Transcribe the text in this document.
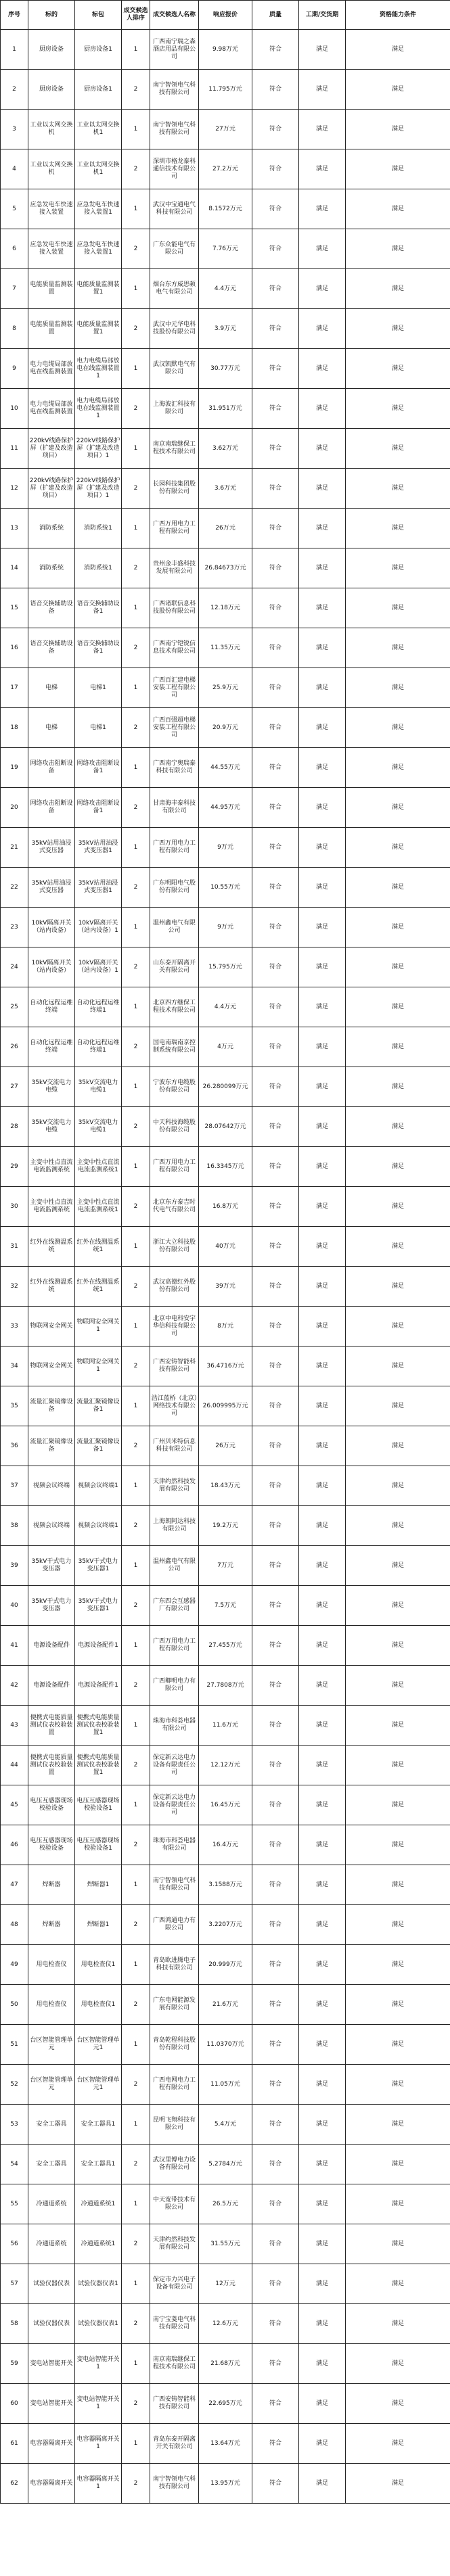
序号	标的	标包	成交候选人排序	成交候选人名称	响应报价	质量	工期/交货期	资格能力条件
1	厨房设备	厨房设备1	1	广西南宁瑞之森酒店用品有限公司	9.98万元	符合	满足	满足
2	厨房设备	厨房设备1	2	南宁智领电气科技有限公司	11.795万元	符合	满足	满足
3	工业以太网交换机	工业以太网交换机1	1	南宁智领电气科技有限公司	27万元	符合	满足	满足
4	工业以太网交换机	工业以太网交换机1	2	深圳市格龙泰科通信技术有限公司	27.2万元	符合	满足	满足
5	应急发电车快速接入装置	应急发电车快速接入装置1	1	武汉中宝通电气科技有限公司	8.1572万元	符合	满足	满足
6	应急发电车快速接入装置	应急发电车快速接入装置1	2	广东众能电气有限公司	7.76万元	符合	满足	满足
7	电能质量监测装置	电能质量监测装置1	1	烟台东方威思顿电气有限公司	4.4万元	符合	满足	满足
8	电能质量监测装置	电能质量监测装置1	2	武汉中元华电科技股份有限公司	3.9万元	符合	满足	满足
9	电力电缆局部放电在线监测装置	电力电缆局部放电在线监测装置1	1	武汉凯默电气有限公司	30.77万元	符合	满足	满足
10	电力电缆局部放电在线监测装置	电力电缆局部放电在线监测装置1	2	上海波汇科技有限公司	31.951万元	符合	满足	满足
11	220kV线路保护屏（扩建及改造项目）	220kV线路保护屏（扩建及改造项目）1	1	南京南瑞继保工程技术有限公司	3.62万元	符合	满足	满足
12	220kV线路保护屏（扩建及改造项目）	220kV线路保护屏（扩建及改造项目）1	2	长园科技集团股份有限公司	3.6万元	符合	满足	满足
13	消防系统	消防系统1	1	广西万用电力工程有限公司	26万元	符合	满足	满足
14	消防系统	消防系统1	2	贵州金丰盛科技发展有限公司	26.84673万元	符合	满足	满足
15	语音交换辅助设备	语音交换辅助设备1	1	广西诸联信息科技股份有限公司	12.18万元	符合	满足	满足
16	语音交换辅助设备	语音交换辅助设备1	2	广西南宁铠锐信息技术有限公司	11.35万元	符合	满足	满足
17	电梯	电梯1	1	广西百汇建电梯安装工程有限公司	25.9万元	符合	满足	满足
18	电梯	电梯1	2	广西百强超电梯安装工程有限公司	20.9万元	符合	满足	满足
19	网络攻击阻断设备	网络攻击阻断设备1	1	广西南宁奥瑞泰科技有限公司	44.55万元	符合	满足	满足
20	网络攻击阻断设备	网络攻击阻断设备1	2	甘肃海丰泰科技有限公司	44.95万元	符合	满足	满足
21	35kV站用油浸式变压器	35kV站用油浸式变压器1	1	广西万用电力工程有限公司	9万元	符合	满足	满足
22	35kV站用油浸式变压器	35kV站用油浸式变压器1	2	广东明阳电气股份有限公司	10.55万元	符合	满足	满足
23	10kV隔离开关（站内设备）	10kV隔离开关（站内设备）1	1	温州鑫电气有限公司	9万元	符合	满足	满足
24	10kV隔离开关（站内设备）	10kV隔离开关（站内设备）1	2	山东泰开隔离开关有限公司	15.795万元	符合	满足	满足
25	自动化远程运维终端	自动化远程运维终端1	1	北京四方继保工程技术有限公司	4.4万元	符合	满足	满足
26	自动化远程运维终端	自动化远程运维终端1	2	国电南瑞南京控制系统有限公司	4万元	符合	满足	满足
27	35kV交流电力电缆	35kV交流电力电缆1	1	宁波东方电缆股份有限公司	26.280099万元	符合	满足	满足
28	35kV交流电力电缆	35kV交流电力电缆1	2	中天科技海缆股份有限公司	28.07642万元	符合	满足	满足
29	主变中性点直流电流监测系统	主变中性点直流电流监测系统1	1	广西万用电力工程有限公司	16.3345万元	符合	满足	满足
30	主变中性点直流电流监测系统	主变中性点直流电流监测系统1	2	北京东方泰吉时代电气有限公司	16.8万元	符合	满足	满足
31	红外在线测温系统	红外在线测温系统1	1	浙江大立科技股份有限公司	40万元	符合	满足	满足
32	红外在线测温系统	红外在线测温系统1	2	武汉高德红外股份有限公司	39万元	符合	满足	满足
33	物联网安全网关	物联网安全网关1	1	北京中电科安宇华信科技有限公司	8万元	符合	满足	满足
34	物联网安全网关	物联网安全网关1	2	广西安铸智能科技有限公司	36.4716万元	符合	满足	满足
35	流量汇聚镜像设备	流量汇聚镜像设备1	1	浩江蓝桥（北京）网络技术有限公司	26.009995万元	符合	满足	满足
36	流量汇聚镜像设备	流量汇聚镜像设备1	2	广州贝米特信息科技有限公司	26万元	符合	满足	满足
37	视频会议终端	视频会议终端1	1	天津约然科技发展有限公司	18.43万元	符合	满足	满足
38	视频会议终端	视频会议终端1	2	上海朗阿达科技有限公司	19.2万元	符合	满足	满足
39	35kV干式电力变压器	35kV干式电力变压器1	1	温州鑫电气有限公司	7万元	符合	满足	满足
40	35kV干式电力变压器	35kV干式电力变压器1	2	广东四会互感器厂有限公司	7.5万元	符合	满足	满足
41	电源设备配件	电源设备配件1	1	广西万用电力工程有限公司	27.455万元	符合	满足	满足
42	电源设备配件	电源设备配件1	2	广西卿明电力有限公司	27.7808万元	符合	满足	满足
43	便携式电能质量测试仪表校验装置	便携式电能质量测试仪表校验装置1	1	珠海市科荟电器有限公司	11.6万元	符合	满足	满足
44	便携式电能质量测试仪表校验装置	便携式电能质量测试仪表校验装置1	2	保定新云达电力设备有限责任公司	12.12万元	符合	满足	满足
45	电压互感器现场校验设备	电压互感器现场校验设备1	1	保定新云达电力设备有限责任公司	16.45万元	符合	满足	满足
46	电压互感器现场校验设备	电压互感器现场校验设备1	2	珠海市科荟电器有限公司	16.4万元	符合	满足	满足
47	焊断器	焊断器1	1	南宁智领电气科技有限公司	3.1588万元	符合	满足	满足
48	焊断器	焊断器1	2	广西鸿通电力有限公司	3.2207万元	符合	满足	满足
49	用电检查仪	用电检查仪1	1	青岛欧进腾电子科技有限公司	20.999万元	符合	满足	满足
50	用电检查仪	用电检查仪1	2	广东电网能源发展有限公司	21.6万元	符合	满足	满足
51	台区智能管理单元	台区智能管理单元1	1	青岛乾程科技股份有限公司	11.0370万元	符合	满足	满足
52	台区智能管理单元	台区智能管理单元1	2	广西电网电力工程有限公司	11.05万元	符合	满足	满足
53	安全工器具	安全工器具1	1	昆明飞翔科技有限公司	5.4万元	符合	满足	满足
54	安全工器具	安全工器具1	2	武汉里博电力设备有限公司	5.2784万元	符合	满足	满足
55	冷通道系统	冷通道系统1	1	中天宽带技术有限公司	26.5万元	符合	满足	满足
56	冷通道系统	冷通道系统1	2	天津约然科技发展有限公司	31.55万元	符合	满足	满足
57	试验仪器仪表	试验仪器仪表1	1	保定市力兴电子设备有限公司	12万元	符合	满足	满足
58	试验仪器仪表	试验仪器仪表1	2	南宁宝菱电气科技有限公司	12.6万元	符合	满足	满足
59	变电站智能开关	变电站智能开关1	1	南京南瑞继保工程技术有限公司	21.68万元	符合	满足	满足
60	变电站智能开关	变电站智能开关1	2	广西安铸智能科技有限公司	22.695万元	符合	满足	满足
61	电容器隔离开关	电容器隔离开关1	1	青岛东泰开隔离开关有限公司	13.64万元	符合	满足	满足
62	电容器隔离开关	电容器隔离开关1	2	南宁智领电气科技有限公司	13.95万元	符合	满足	满足
